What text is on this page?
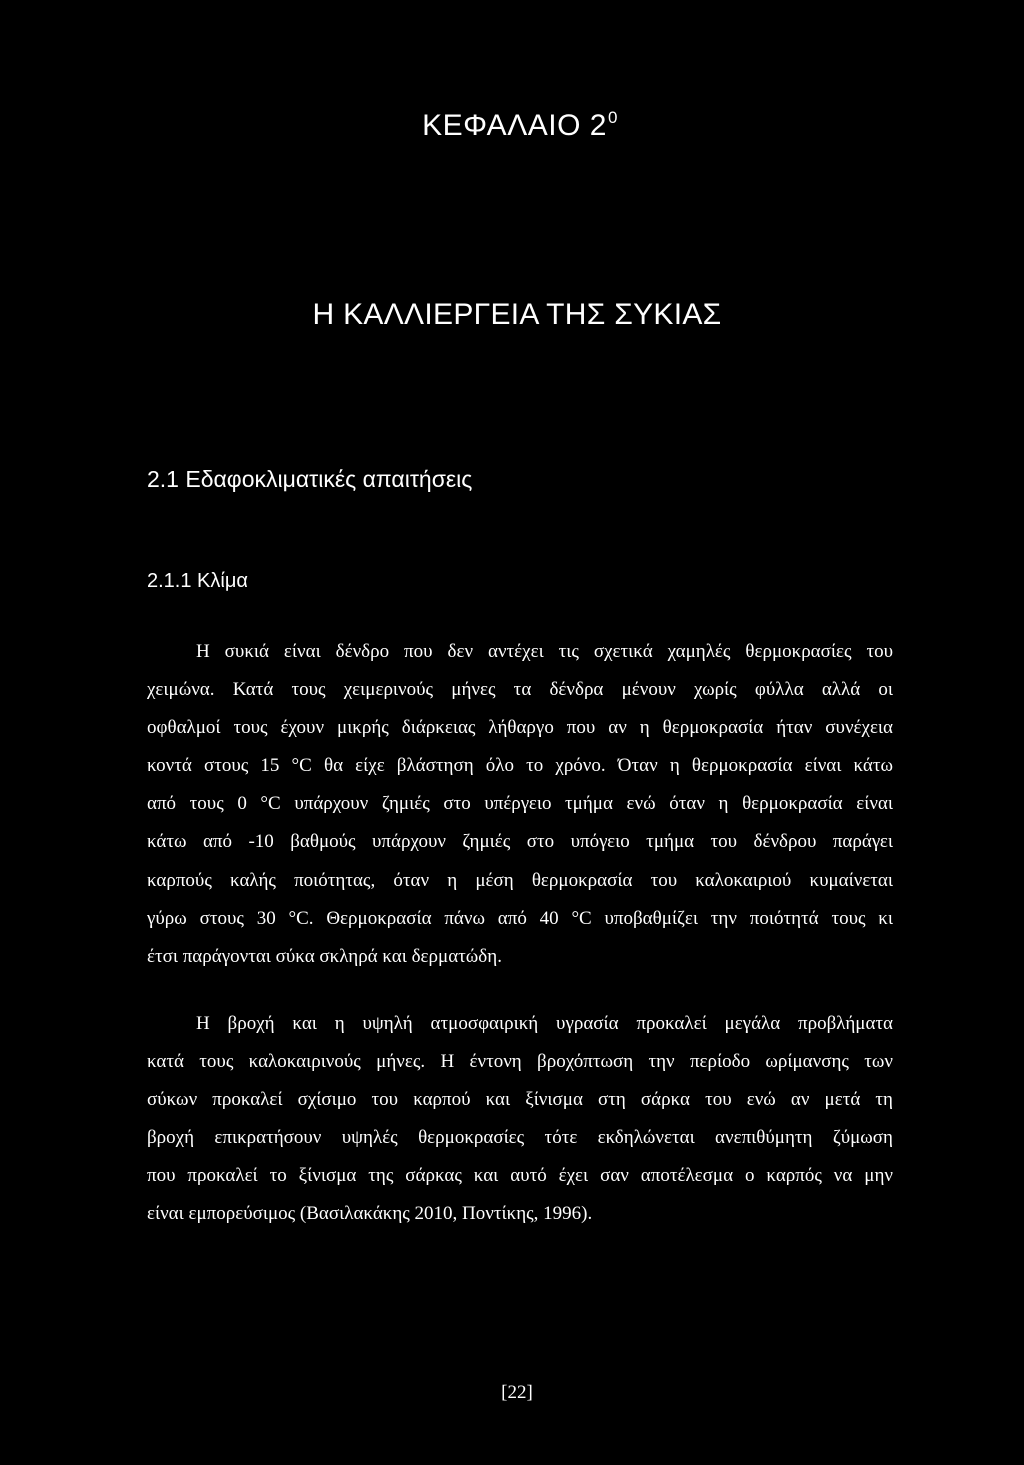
ΚΕΦΑΛΑΙΟ $2^0$
Η ΚΑΛΛΙΕΡΓΕΙΑ ΤΗΣ ΣΥΚΙΑΣ
2.1 Εδαφοκλιματικές απαιτήσεις
2.1.1 Κλίμα
Η συκιά είναι δένδρο που δεν αντέχει τις σχετικά χαμηλές θερμοκρασίες του
χειμώνα. Κατά τους χειμερινούς μήνες τα δένδρα μένουν χωρίς φύλλα αλλά οι
οφθαλμοί τους έχουν μικρής διάρκειας λήθαργο που αν η θερμοκρασία ήταν συνέχεια
κοντά στους 15 °C θα είχε βλάστηση όλο το χρόνο. Όταν η θερμοκρασία είναι κάτω
από τους 0 °C υπάρχουν ζημιές στο υπέργειο τμήμα ενώ όταν η θερμοκρασία είναι
κάτω από -10 βαθμούς υπάρχουν ζημιές στο υπόγειο τμήμα του δένδρου παράγει
καρπούς καλής ποιότητας, όταν η μέση θερμοκρασία του καλοκαιριού κυμαίνεται
γύρω στους 30 °C. Θερμοκρασία πάνω από 40 °C υποβαθμίζει την ποιότητά τους κι
έτσι παράγονται σύκα σκληρά και δερματώδη.
Η βροχή και η υψηλή ατμοσφαιρική υγρασία προκαλεί μεγάλα προβλήματα
κατά τους καλοκαιρινούς μήνες. Η έντονη βροχόπτωση την περίοδο ωρίμανσης των
σύκων προκαλεί σχίσιμο του καρπού και ξίνισμα στη σάρκα του ενώ αν μετά τη
βροχή επικρατήσουν υψηλές θερμοκρασίες τότε εκδηλώνεται ανεπιθύμητη ζύμωση
που προκαλεί το ξίνισμα της σάρκας και αυτό έχει σαν αποτέλεσμα ο καρπός να μην
είναι εμπορεύσιμος (Βασιλακάκης 2010, Ποντίκης, 1996).
[22]
